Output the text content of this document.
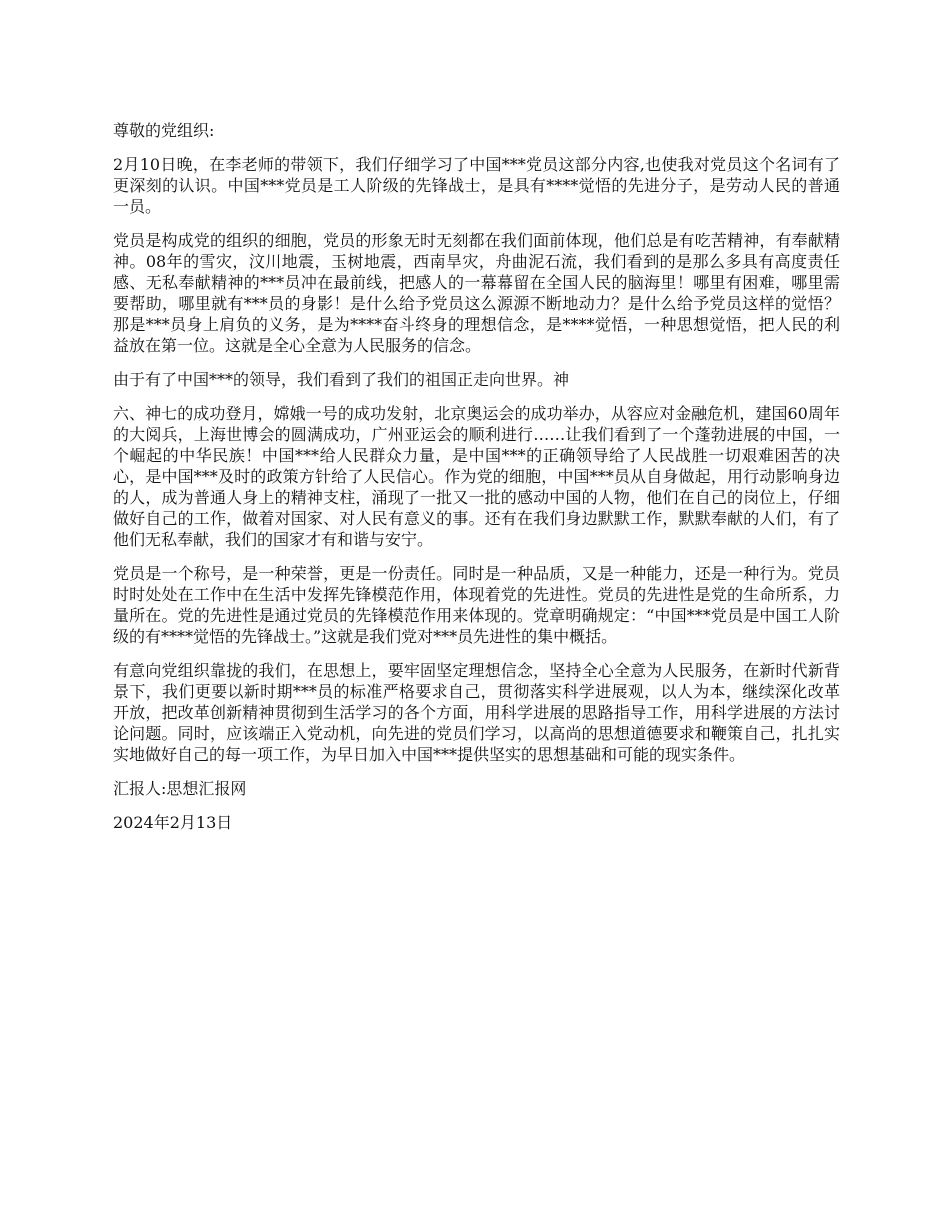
尊敬的党组织:

2月10日晚，在李老师的带领下，我们仔细学习了中国***党员这部分内容,也使我对党员这个名词有了更深刻的认识。中国***党员是工人阶级的先锋战士，是具有****觉悟的先进分子，是劳动人民的普通一员。

党员是构成党的组织的细胞，党员的形象无时无刻都在我们面前体现，他们总是有吃苦精神，有奉献精神。08年的雪灾，汶川地震，玉树地震，西南旱灾，舟曲泥石流，我们看到的是那么多具有高度责任感、无私奉献精神的***员冲在最前线，把感人的一幕幕留在全国人民的脑海里！哪里有困难，哪里需要帮助，哪里就有***员的身影！是什么给予党员这么源源不断地动力？是什么给予党员这样的觉悟？那是***员身上肩负的义务，是为****奋斗终身的理想信念，是****觉悟，一种思想觉悟，把人民的利益放在第一位。这就是全心全意为人民服务的信念。

由于有了中国***的领导，我们看到了我们的祖国正走向世界。神

六、神七的成功登月，嫦娥一号的成功发射，北京奥运会的成功举办，从容应对金融危机，建国60周年的大阅兵，上海世博会的圆满成功，广州亚运会的顺利进行……让我们看到了一个蓬勃进展的中国，一个崛起的中华民族！中国***给人民群众力量，是中国***的正确领导给了人民战胜一切艰难困苦的决心，是中国***及时的政策方针给了人民信心。作为党的细胞，中国***员从自身做起，用行动影响身边的人，成为普通人身上的精神支柱，涌现了一批又一批的感动中国的人物，他们在自己的岗位上，仔细做好自己的工作，做着对国家、对人民有意义的事。还有在我们身边默默工作，默默奉献的人们，有了他们无私奉献，我们的国家才有和谐与安宁。

党员是一个称号，是一种荣誉，更是一份责任。同时是一种品质，又是一种能力，还是一种行为。党员时时处处在工作中在生活中发挥先锋模范作用，体现着党的先进性。党员的先进性是党的生命所系，力量所在。党的先进性是通过党员的先锋模范作用来体现的。党章明确规定：“中国***党员是中国工人阶级的有****觉悟的先锋战士。”这就是我们党对***员先进性的集中概括。

有意向党组织靠拢的我们，在思想上，要牢固坚定理想信念，坚持全心全意为人民服务，在新时代新背景下，我们更要以新时期***员的标准严格要求自己，贯彻落实科学进展观，以人为本，继续深化改革开放，把改革创新精神贯彻到生活学习的各个方面，用科学进展的思路指导工作，用科学进展的方法讨论问题。同时，应该端正入党动机，向先进的党员们学习，以高尚的思想道德要求和鞭策自己，扎扎实实地做好自己的每一项工作，为早日加入中国***提供坚实的思想基础和可能的现实条件。

汇报人:思想汇报网

2024年2月13日
